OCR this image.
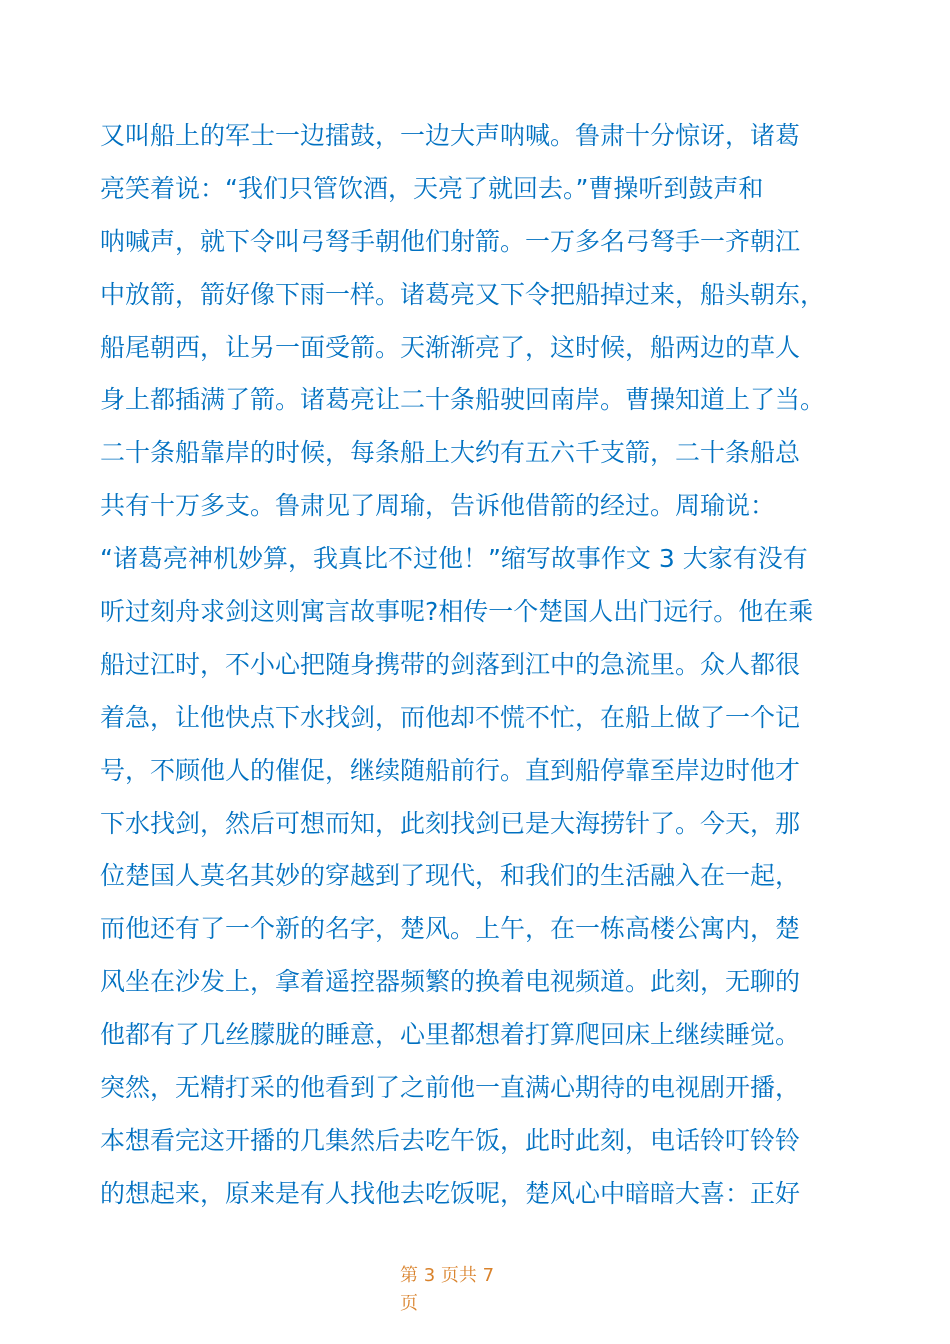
又叫船上的军士一边擂鼓，一边大声呐喊。鲁肃十分惊讶，诸葛
亮笑着说：“我们只管饮酒，天亮了就回去。”曹操听到鼓声和
呐喊声，就下令叫弓弩手朝他们射箭。一万多名弓弩手一齐朝江
中放箭，箭好像下雨一样。诸葛亮又下令把船掉过来，船头朝东，
船尾朝西，让另一面受箭。天渐渐亮了，这时候，船两边的草人
身上都插满了箭。诸葛亮让二十条船驶回南岸。曹操知道上了当。
二十条船靠岸的时候，每条船上大约有五六千支箭，二十条船总
共有十万多支。鲁肃见了周瑜，告诉他借箭的经过。周瑜说：
“诸葛亮神机妙算，我真比不过他！”缩写故事作文 3 大家有没有
听过刻舟求剑这则寓言故事呢?相传一个楚国人出门远行。他在乘
船过江时，不小心把随身携带的剑落到江中的急流里。众人都很
着急，让他快点下水找剑，而他却不慌不忙，在船上做了一个记
号，不顾他人的催促，继续随船前行。直到船停靠至岸边时他才
下水找剑，然后可想而知，此刻找剑已是大海捞针了。今天，那
位楚国人莫名其妙的穿越到了现代，和我们的生活融入在一起，
而他还有了一个新的名字，楚风。上午，在一栋高楼公寓内，楚
风坐在沙发上，拿着遥控器频繁的换着电视频道。此刻，无聊的
他都有了几丝朦胧的睡意，心里都想着打算爬回床上继续睡觉。
突然，无精打采的他看到了之前他一直满心期待的电视剧开播，
本想看完这开播的几集然后去吃午饭，此时此刻，电话铃叮铃铃
的想起来，原来是有人找他去吃饭呢，楚风心中暗暗大喜：正好
第 3 页共 7
页
